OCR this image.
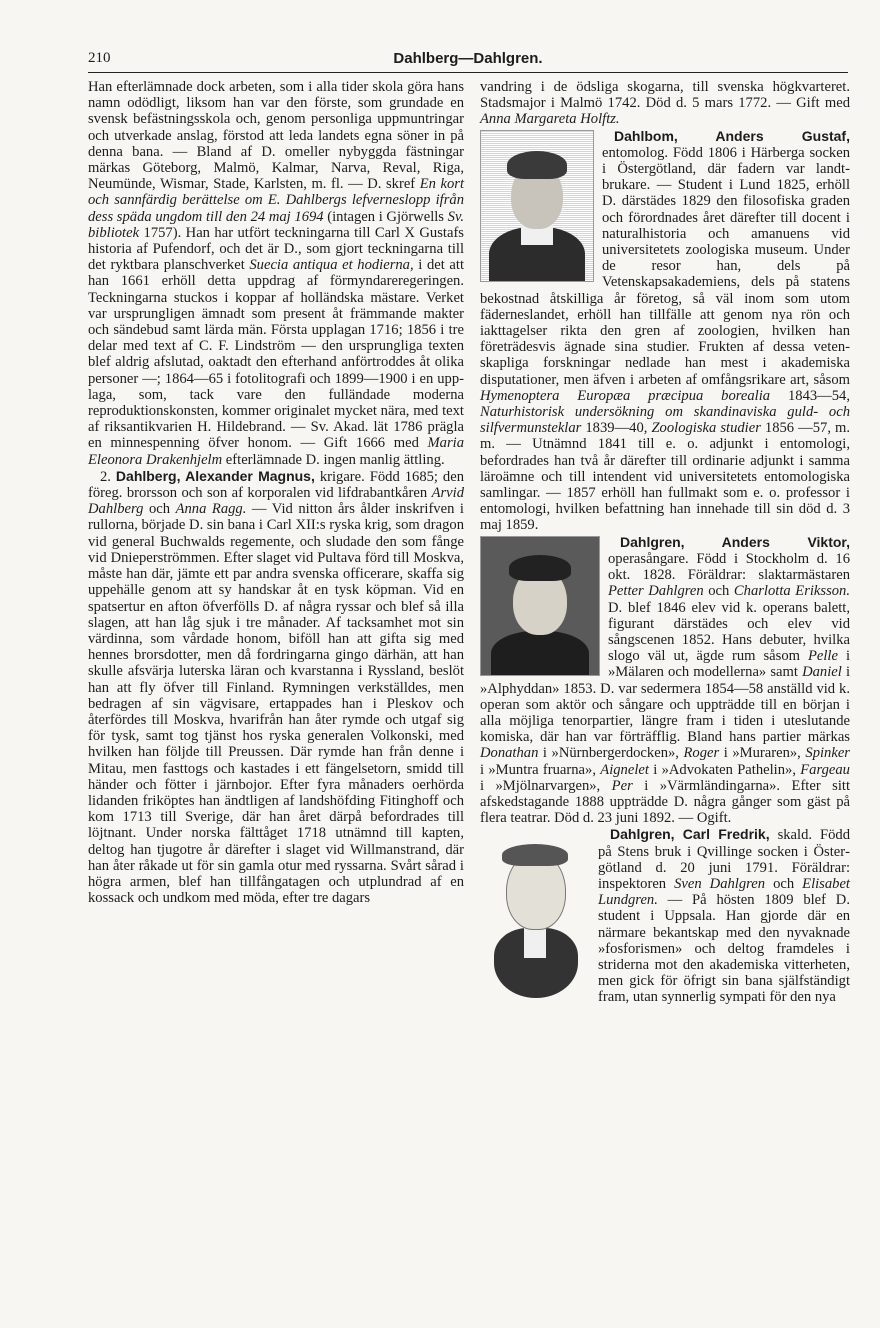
210	Dahlberg—Dahlgren.

Han efterlämnade dock arbeten, som i alla tider skola göra hans namn odödligt, liksom han var den förste, som grundade en svensk befästningsskola och, genom personliga uppmuntringar och utverkade anslag, förstod att leda landets egna söner in på denna bana. — Bland af D. omeller nybyggda fästningar märkas Göteborg, Malmö, Kalmar, Narva, Reval, Riga, Neumünde, Wismar, Stade, Karlsten, m. fl. — D. skref En kort och sannfärdig berättelse om E. Dahlbergs lefverneslopp ifrån dess späda ungdom till den 24 maj 1694 (intagen i Gjörwells Sv. bibliotek 1757). Han har utfört teckningarna till Carl X Gustafs historia af Pufendorf, och det är D., som gjort teckningarna till det ryktbara planschverket Suecia antiqua et hodierna, i det att han 1661 erhöll detta uppdrag af förmyndareregeringen. Teckningarna stuckos i koppar af holländska mästare. Verket var ursprungligen ämnadt som present åt främmande makter och sändebud samt lärda män. Första upplagan 1716; 1856 i tre delar med text af C. F. Lindström — den ursprungliga texten blef aldrig afslutad, oaktadt den efterhand anförtroddes åt olika personer —; 1864—65 i fotolitografi och 1899—1900 i en upplaga, som, tack vare den fulländade moderna reproduktionskonsten, kommer originalet mycket nära, med text af riksantikvarien H. Hildebrand. — Sv. Akad. lät 1786 prägla en minnespenning öfver honom. — Gift 1666 med Maria Eleonora Drakenhjelm efterlämnade D. ingen manlig ättling.

2. Dahlberg, Alexander Magnus, krigare. Född 1685; den föreg. brorsson och son af korporalen vid lifdrabantkåren Arvid Dahlberg och Anna Ragg. — Vid nitton års ålder inskrifven i rullorna, började D. sin bana i Carl XII:s ryska krig, som dragon vid general Buchwalds regemente, och sludade den som fånge vid Dnieperströmmen. Efter slaget vid Pultava förd till Moskva, måste han där, jämte ett par andra svenska officerare, skaffa sig uppehälle genom att sy handskar åt en tysk köpman. Vid en spatsertur en afton öfverfölls D. af några ryssar och blef så illa slagen, att han låg sjuk i tre månader. Af tacksamhet mot sin värdinna, som vårdade honom, biföll han att gifta sig med hennes brorsdotter, men då fordringarna gingo därhän, att han skulle afsvärja luterska läran och kvarstanna i Ryssland, beslöt han att fly öfver till Finland. Rymningen verkställdes, men bedragen af sin vägvisare, ertappades han i Pleskov och återfördes till Moskva, hvarifrån han åter rymde och utgaf sig för tysk, samt tog tjänst hos ryska generalen Volkonski, med hvilken han följde till Preussen. Där rymde han från denne i Mitau, men fasttogs och kastades i ett fängelsetorn, smidd till händer och fötter i järnbojor. Efter fyra månaders oerhörda lidanden friköptes han ändtligen af landshöfding Fitinghoff och kom 1713 till Sverige, där han året därpå befordrades till löjtnant. Under norska fälttåget 1718 utnämnd till kapten, deltog han tjugotre år därefter i slaget vid Willmanstrand, där han åter råkade ut för sin gamla otur med ryssarna. Svårt sårad i högra armen, blef han tillfångatagen och utplundrad af en kossack och undkom med möda, efter tre dagars

vandring i de ödsliga skogarna, till svenska högkvarteret. Stadsmajor i Malmö 1742. Död d. 5 mars 1772. — Gift med Anna Margareta Holftz.

Dahlbom, Anders Gustaf,
entomolog. Född 1806 i Härberga socken i Östergötland, där fadern var landtbrukare. — Student i Lund 1825, erhöll D. därstädes 1829 den filosofiska graden och förordnades året därefter till docent i naturalhistoria och amanuens vid universitetets zoologiska museum. Under de resor han, dels på Vetenskapsakademiens, dels på statens bekostnad åtskilliga år företog, så väl inom som utom fäderneslandet, erhöll han tillfälle att genom nya rön och iakttagelser rikta den gren af zoologien, hvilken han företrädesvis ägnade sina studier. Frukten af dessa vetenskapliga forskningar nedlade han mest i akademiska disputationer, men äfven i arbeten af omfångsrikare art, såsom Hymenoptera Europæa præcipua borealia 1843—54, Naturhistorisk undersökning om skandinaviska guld- och silfvermunsteklar 1839—40, Zoologiska studier 1856 —57, m. m. — Utnämnd 1841 till e. o. adjunkt i entomologi, befordrades han två år därefter till ordinarie adjunkt i samma läroämne och till intendent vid universitetets entomologiska samlingar. — 1857 erhöll han fullmakt som e. o. professor i entomologi, hvilken befattning han innehade till sin död d. 3 maj 1859.

Dahlgren, Anders Viktor,
operasångare. Född i Stockholm d. 16 okt. 1828. Föräldrar: slaktarmästaren Petter Dahlgren och Charlotta Eriksson. D. blef 1846 elev vid k. operans balett, figurant därstädes och elev vid sångscenen 1852. Hans debuter, hvilka slogo väl ut, ägde rum såsom Pelle i »Mälaren och modellerna» samt Daniel i »Alphyddan» 1853. D. var sedermera 1854—58 anställd vid k. operan som aktör och sångare och uppträdde till en början i alla möjliga tenorpartier, längre fram i tiden i uteslutande komiska, där han var förträfflig. Bland hans partier märkas Donathan i »Nürnbergerdocken», Roger i »Muraren», Spinker i »Muntra fruarna», Aignelet i »Advokaten Pathelin», Fargeau i »Mjölnarvargen», Per i »Värmländingarna». Efter sitt afskedstagande 1888 uppträdde D. några gånger som gäst på flera teatrar. Död d. 23 juni 1892. — Ogift.

Dahlgren, Carl Fredrik,
skald. Född på Stens bruk i Qvillinge socken i Östergötland d. 20 juni 1791. Föräldrar: inspektoren Sven Dahlgren och Elisabet Lundgren. — På hösten 1809 blef D. student i Uppsala. Han gjorde där en närmare bekantskap med den nyvaknade »fosforismen» och deltog framdeles i striderna mot den akademiska vitterheten, men gick för öfrigt sin bana själfständigt fram, utan synnerlig sympati för den nya
